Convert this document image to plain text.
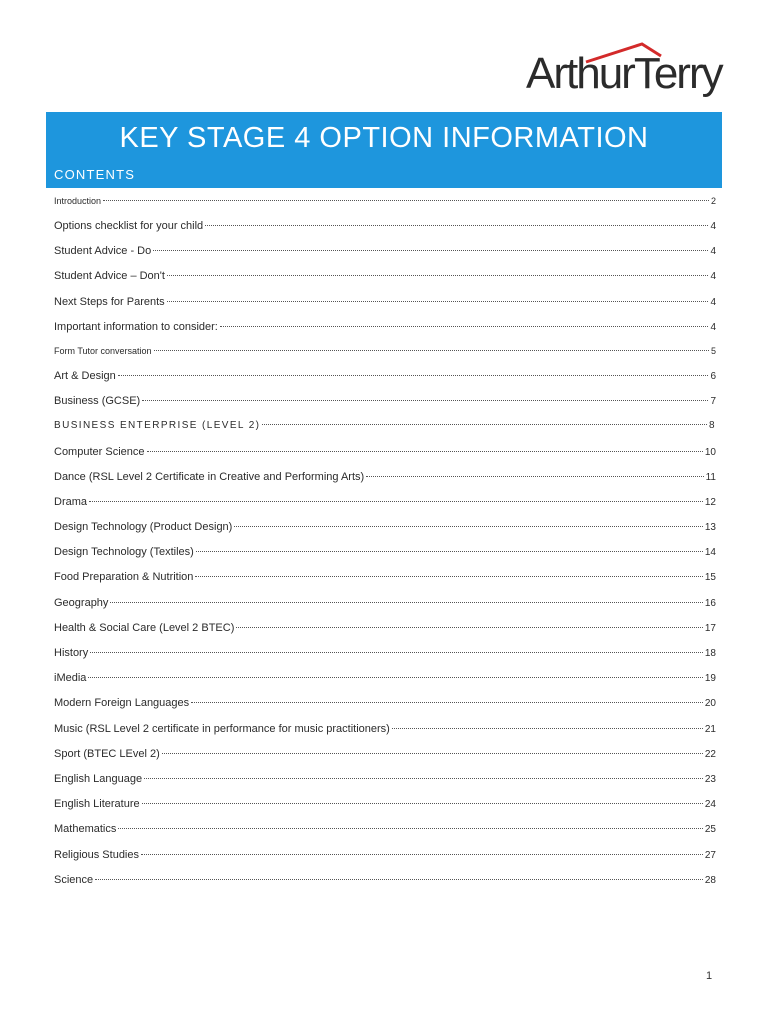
ArthurTerry
KEY STAGE 4 OPTION INFORMATION
CONTENTS
Introduction	2
Options checklist for your child	4
Student Advice - Do	4
Student Advice – Don't	4
Next Steps for Parents	4
Important information to consider:	4
Form Tutor conversation	5
Art & Design	6
Business (GCSE)	7
BUSINESS ENTERPRISE (LEVEL 2)	8
Computer Science	10
Dance (RSL Level 2 Certificate in Creative and Performing Arts)	11
Drama	12
Design Technology (Product Design)	13
Design Technology (Textiles)	14
Food Preparation & Nutrition	15
Geography	16
Health & Social Care (Level 2 BTEC)	17
History	18
iMedia	19
Modern Foreign Languages	20
Music (RSL Level 2 certificate in performance for music practitioners)	21
Sport (BTEC LEvel 2)	22
English Language	23
English Literature	24
Mathematics	25
Religious Studies	27
Science	28
1
